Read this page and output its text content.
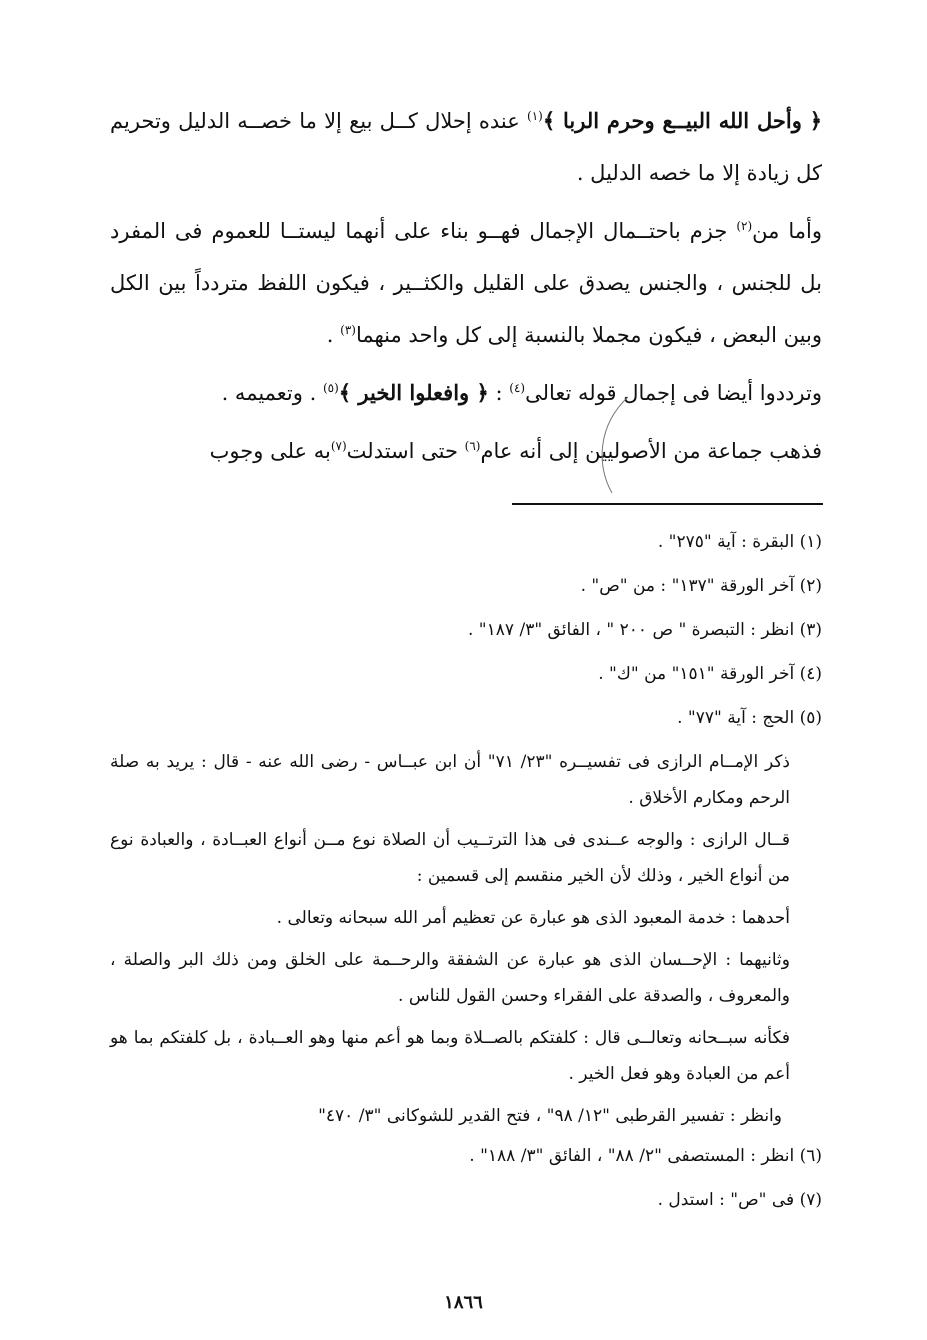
﴿ وأحل الله البيــع وحرم الربا ﴾$^{(١)}$ عنده إحلال كــل بيع إلا ما خصــه الدليل وتحريم كل زيادة إلا ما خصه الدليل .

وأما من$^{(٢)}$ جزم باحتــمال الإجمال فهــو بناء على أنهما ليستــا للعموم فى المفرد بل للجنس ، والجنس يصدق على القليل والكثــير ، فيكون اللفظ متردداً بين الكل وبين البعض ، فيكون مجملا بالنسبة إلى كل واحد منهما$^{(٣)}$ .

وترددوا أيضا فى إجمال قوله تعالى$^{(٤)}$ : ﴿ وافعلوا الخير ﴾$^{(٥)}$ . وتعميمه .

فذهب جماعة من الأصوليين إلى أنه عام$^{(٦)}$ حتى استدلت$^{(٧)}$به على وجوب

(١) البقرة : آية "٢٧٥" .

(٢) آخر الورقة "١٣٧" : من "ص" .

(٣) انظر : التبصرة " ص ٢٠٠ " ، الفائق "٣/ ١٨٧" .

(٤) آخر الورقة "١٥١" من "ك" .

(٥) الحج : آية "٧٧" .

ذكر الإمــام الرازى فى تفسيــره "٢٣/ ٧١" أن ابن عبــاس - رضى الله عنه - قال : يريد به صلة الرحم ومكارم الأخلاق .

قــال الرازى : والوجه عــندى فى هذا الترتــيب أن الصلاة نوع مــن أنواع العبــادة ، والعبادة نوع من أنواع الخير ، وذلك لأن الخير منقسم إلى قسمين :

أحدهما : خدمة المعبود الذى هو عبارة عن تعظيم أمر الله سبحانه وتعالى .

وثانيهما : الإحــسان الذى هو عبارة عن الشفقة والرحــمة على الخلق ومن ذلك البر والصلة ، والمعروف ، والصدقة على الفقراء وحسن القول للناس .

فكأنه سبــحانه وتعالــى قال : كلفتكم بالصــلاة وبما هو أعم منها وهو العــبادة ، بل كلفتكم بما هو أعم من العبادة وهو فعل الخير .

وانظر : تفسير القرطبى "١٢/ ٩٨" ، فتح القدير للشوكانى "٣/ ٤٧٠"

(٦) انظر : المستصفى "٢/ ٨٨" ، الفائق "٣/ ١٨٨" .

(٧) فى "ص" : استدل .

١٨٦٦
